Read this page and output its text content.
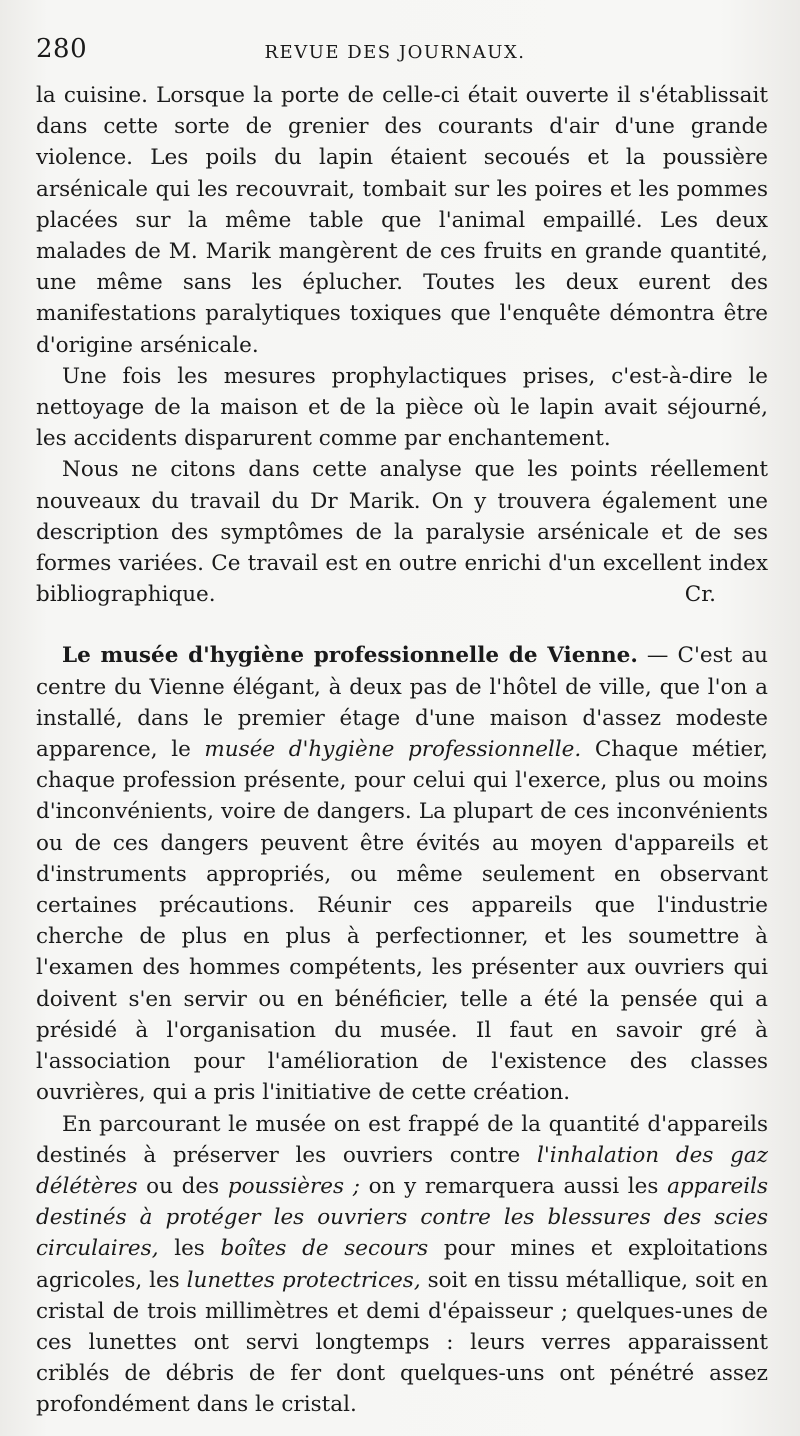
280	REVUE DES JOURNAUX.

la cuisine. Lorsque la porte de celle-ci était ouverte il s'établissait dans cette sorte de grenier des courants d'air d'une grande violence. Les poils du lapin étaient secoués et la poussière arsénicale qui les recouvrait, tombait sur les poires et les pommes placées sur la même table que l'animal empaillé. Les deux malades de M. Marik mangèrent de ces fruits en grande quantité, une même sans les éplucher. Toutes les deux eurent des manifestations paralytiques toxiques que l'enquête démontra être d'origine arsénicale.

Une fois les mesures prophylactiques prises, c'est-à-dire le nettoyage de la maison et de la pièce où le lapin avait séjourné, les accidents disparurent comme par enchantement.

Nous ne citons dans cette analyse que les points réellement nouveaux du travail du Dr Marik. On y trouvera également une description des symptômes de la paralysie arsénicale et de ses formes variées. Ce travail est en outre enrichi d'un excellent index bibliographique.	Cr.

Le musée d'hygiène professionnelle de Vienne. — C'est au centre du Vienne élégant, à deux pas de l'hôtel de ville, que l'on a installé, dans le premier étage d'une maison d'assez modeste apparence, le musée d'hygiène professionnelle. Chaque métier, chaque profession présente, pour celui qui l'exerce, plus ou moins d'inconvénients, voire de dangers. La plupart de ces inconvénients ou de ces dangers peuvent être évités au moyen d'appareils et d'instruments appropriés, ou même seulement en observant certaines précautions. Réunir ces appareils que l'industrie cherche de plus en plus à perfectionner, et les soumettre à l'examen des hommes compétents, les présenter aux ouvriers qui doivent s'en servir ou en bénéficier, telle a été la pensée qui a présidé à l'organisation du musée. Il faut en savoir gré à l'association pour l'amélioration de l'existence des classes ouvrières, qui a pris l'initiative de cette création.

En parcourant le musée on est frappé de la quantité d'appareils destinés à préserver les ouvriers contre l'inhalation des gaz délétères ou des poussières ; on y remarquera aussi les appareils destinés à protéger les ouvriers contre les blessures des scies circulaires, les boîtes de secours pour mines et exploitations agricoles, les lunettes protectrices, soit en tissu métallique, soit en cristal de trois millimètres et demi d'épaisseur ; quelques-unes de ces lunettes ont servi longtemps : leurs verres apparaissent criblés de débris de fer dont quelques-uns ont pénétré assez profondément dans le cristal.
